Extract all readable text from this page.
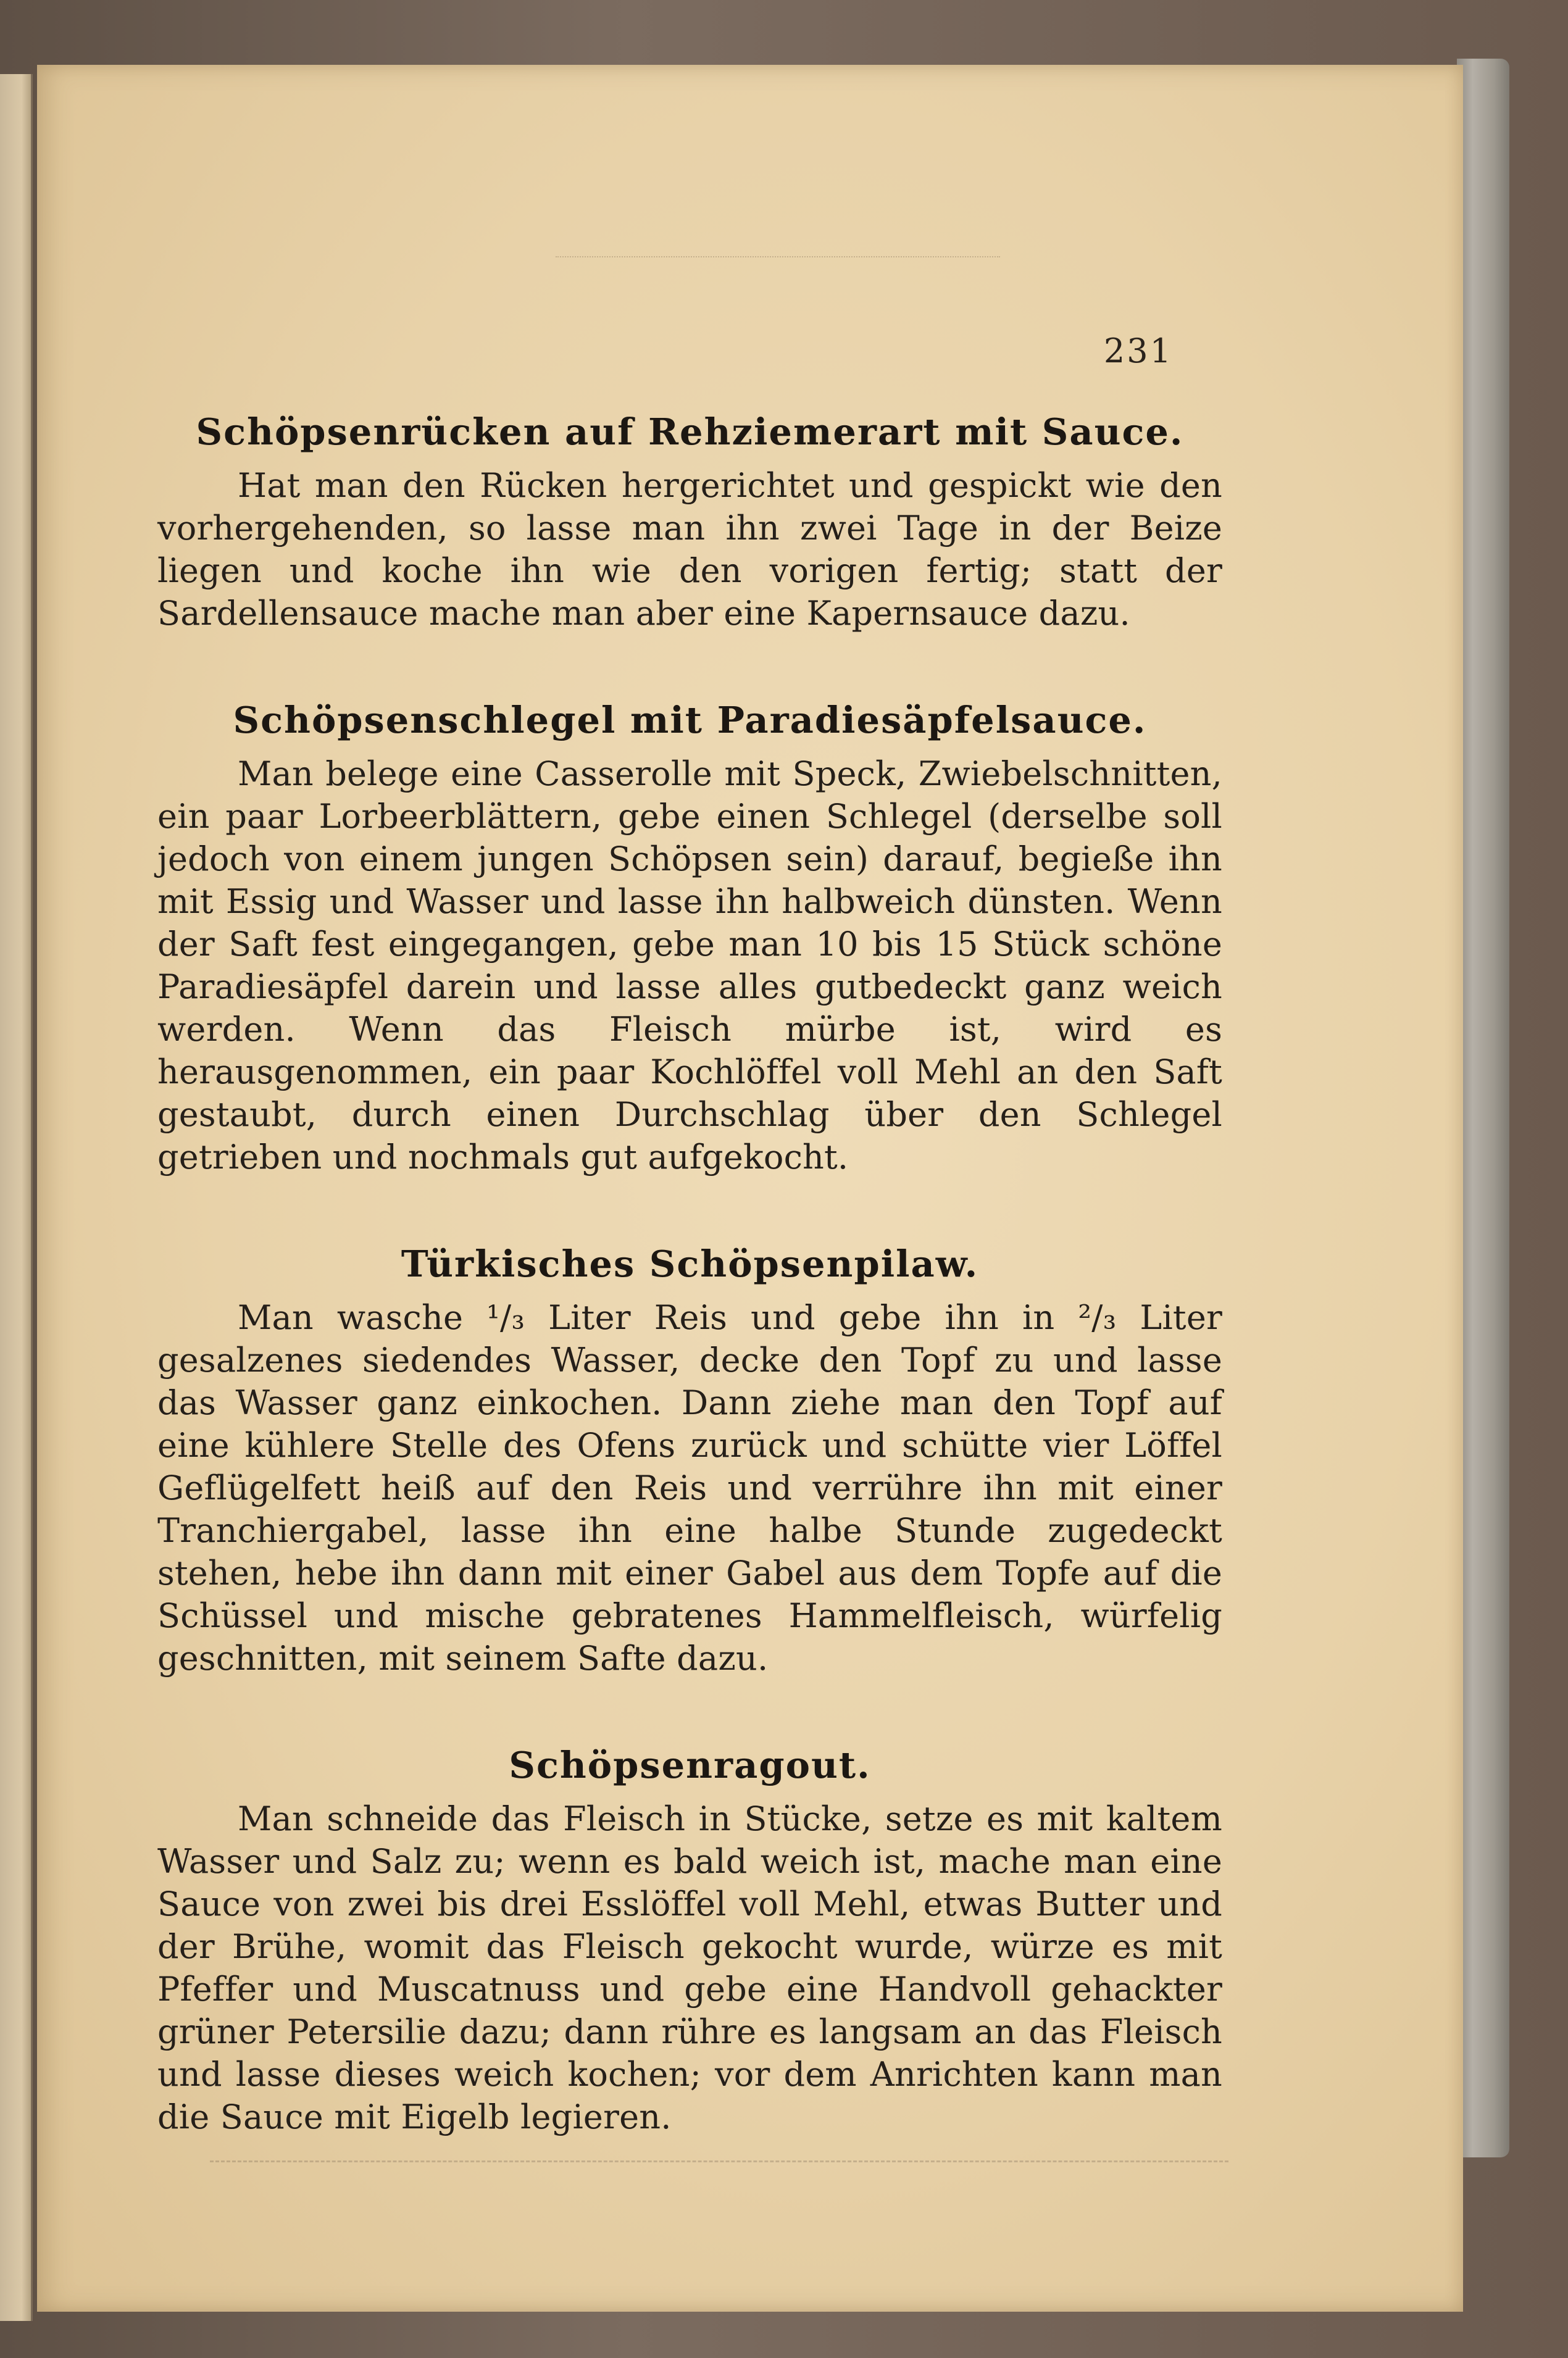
231
Schöpsenrücken auf Rehziemerart mit Sauce.

Hat man den Rücken hergerichtet und gespickt wie den vorhergehenden, so lasse man ihn zwei Tage in der Beize liegen und koche ihn wie den vorigen fertig; statt der Sardellensauce mache man aber eine Kapernsauce dazu.

Schöpsenschlegel mit Paradiesäpfelsauce.

Man belege eine Casserolle mit Speck, Zwiebelschnitten, ein paar Lorbeerblättern, gebe einen Schlegel (derselbe soll jedoch von einem jungen Schöpsen sein) darauf, begieße ihn mit Essig und Wasser und lasse ihn halbweich dünsten. Wenn der Saft fest eingegangen, gebe man 10 bis 15 Stück schöne Paradiesäpfel darein und lasse alles gutbedeckt ganz weich werden. Wenn das Fleisch mürbe ist, wird es herausgenommen, ein paar Kochlöffel voll Mehl an den Saft gestaubt, durch einen Durchschlag über den Schlegel getrieben und nochmals gut aufgekocht.

Türkisches Schöpsenpilaw.

Man wasche ¹/₃ Liter Reis und gebe ihn in ²/₃ Liter gesalzenes siedendes Wasser, decke den Topf zu und lasse das Wasser ganz einkochen. Dann ziehe man den Topf auf eine kühlere Stelle des Ofens zurück und schütte vier Löffel Geflügelfett heiß auf den Reis und verrühre ihn mit einer Tranchiergabel, lasse ihn eine halbe Stunde zugedeckt stehen, hebe ihn dann mit einer Gabel aus dem Topfe auf die Schüssel und mische gebratenes Hammelfleisch, würfelig geschnitten, mit seinem Safte dazu.

Schöpsenragout.

Man schneide das Fleisch in Stücke, setze es mit kaltem Wasser und Salz zu; wenn es bald weich ist, mache man eine Sauce von zwei bis drei Esslöffel voll Mehl, etwas Butter und der Brühe, womit das Fleisch gekocht wurde, würze es mit Pfeffer und Muscatnuss und gebe eine Handvoll gehackter grüner Petersilie dazu; dann rühre es langsam an das Fleisch und lasse dieses weich kochen; vor dem Anrichten kann man die Sauce mit Eigelb legieren.
